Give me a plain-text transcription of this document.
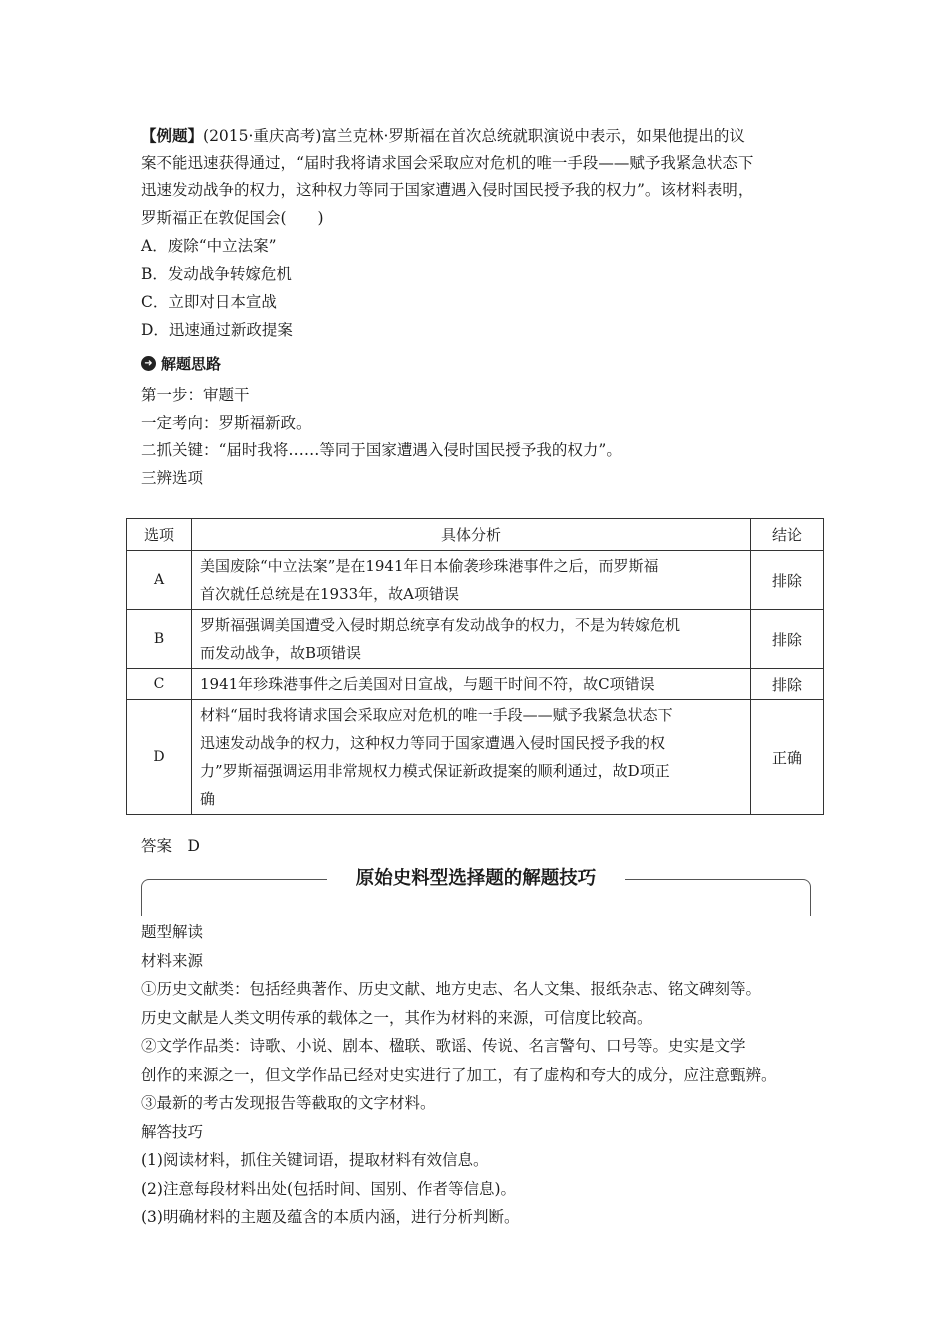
【例题】(2015·重庆高考)富兰克林·罗斯福在首次总统就职演说中表示，如果他提出的议
案不能迅速获得通过，“届时我将请求国会采取应对危机的唯一手段——赋予我紧急状态下
迅速发动战争的权力，这种权力等同于国家遭遇入侵时国民授予我的权力”。该材料表明，
罗斯福正在敦促国会(　　)
A．废除“中立法案”
B．发动战争转嫁危机
C．立即对日本宣战
D．迅速通过新政提案
➜ 解题思路
第一步：审题干
一定考向：罗斯福新政。
二抓关键：“届时我将……等同于国家遭遇入侵时国民授予我的权力”。
三辨选项
选项	具体分析	结论
A	美国废除“中立法案”是在1941年日本偷袭珍珠港事件之后，而罗斯福
首次就任总统是在1933年，故A项错误	排除
B	罗斯福强调美国遭受入侵时期总统享有发动战争的权力，不是为转嫁危机
而发动战争，故B项错误	排除
C	1941年珍珠港事件之后美国对日宣战，与题干时间不符，故C项错误	排除
D	材料“届时我将请求国会采取应对危机的唯一手段——赋予我紧急状态下
迅速发动战争的权力，这种权力等同于国家遭遇入侵时国民授予我的权
力”罗斯福强调运用非常规权力模式保证新政提案的顺利通过，故D项正
确	正确
答案　D
原始史料型选择题的解题技巧
题型解读
材料来源
①历史文献类：包括经典著作、历史文献、地方史志、名人文集、报纸杂志、铭文碑刻等。
历史文献是人类文明传承的载体之一，其作为材料的来源，可信度比较高。
②文学作品类：诗歌、小说、剧本、楹联、歌谣、传说、名言警句、口号等。史实是文学
创作的来源之一，但文学作品已经对史实进行了加工，有了虚构和夸大的成分，应注意甄辨。
③最新的考古发现报告等截取的文字材料。
解答技巧
(1)阅读材料，抓住关键词语，提取材料有效信息。
(2)注意每段材料出处(包括时间、国别、作者等信息)。
(3)明确材料的主题及蕴含的本质内涵，进行分析判断。
